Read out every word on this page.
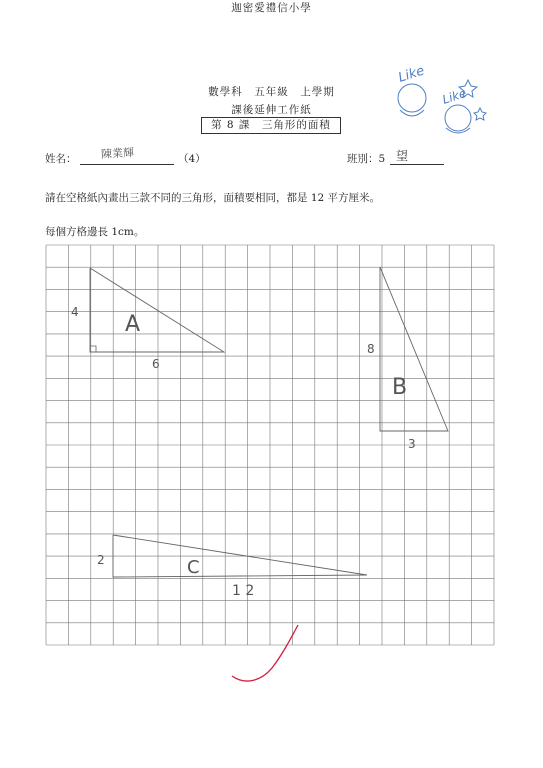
迦密愛禮信小學
數學科　五年級　上學期
課後延伸工作紙
第 8 課　三角形的面積
姓名： 陳業輝	（4）	班別：5 望
請在空格紙內畫出三款不同的三角形，面積要相同，都是 12 平方厘米。
每個方格邊長 1cm。
Like
Like
A
4
6
B
8
3
C
2
1 2
